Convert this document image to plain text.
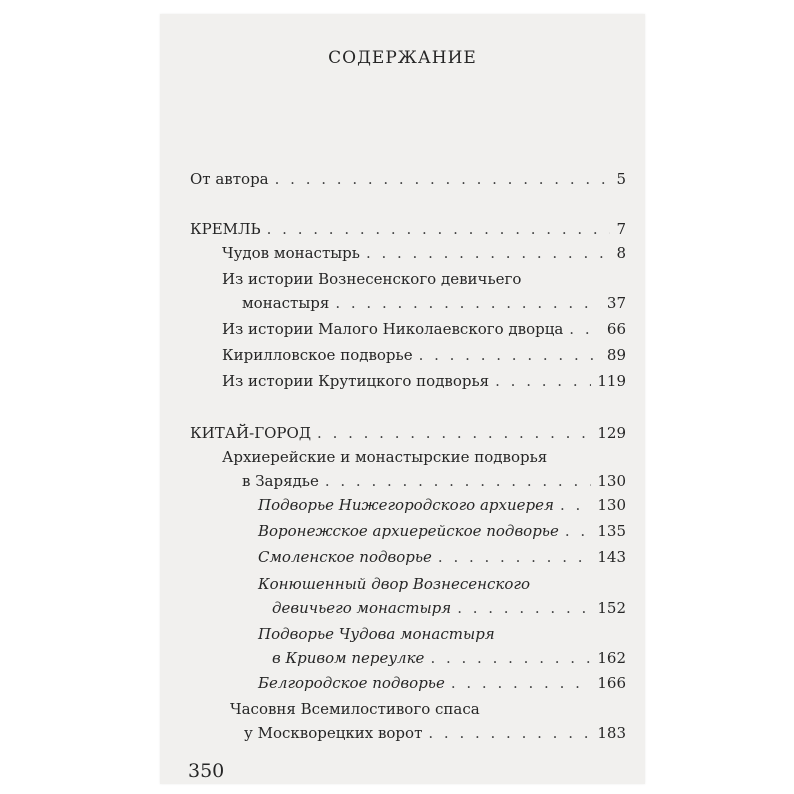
СОДЕРЖАНИЕ
От автора . . .	5
КРЕМЛЬ . . .	7
Чудов монастырь . . .	8
Из истории Вознесенского девичьего
монастыря . . .	37
Из истории Малого Николаевского дворца . . .	66
Кирилловское подворье . . .	89
Из истории Крутицкого подворья . . .	119
КИТАЙ-ГОРОД . . .	129
Архиерейские и монастырские подворья
в Зарядье . . .	130
Подворье Нижегородского архиерея . . .	130
Воронежское архиерейское подворье . . .	135
Смоленское подворье . . .	143
Конюшенный двор Вознесенского
девичьего монастыря . . .	152
Подворье Чудова монастыря
в Кривом переулке . . .	162
Белгородское подворье . . .	166
Часовня Всемилостивого спаса
у Москворецких ворот . . .	183
350
